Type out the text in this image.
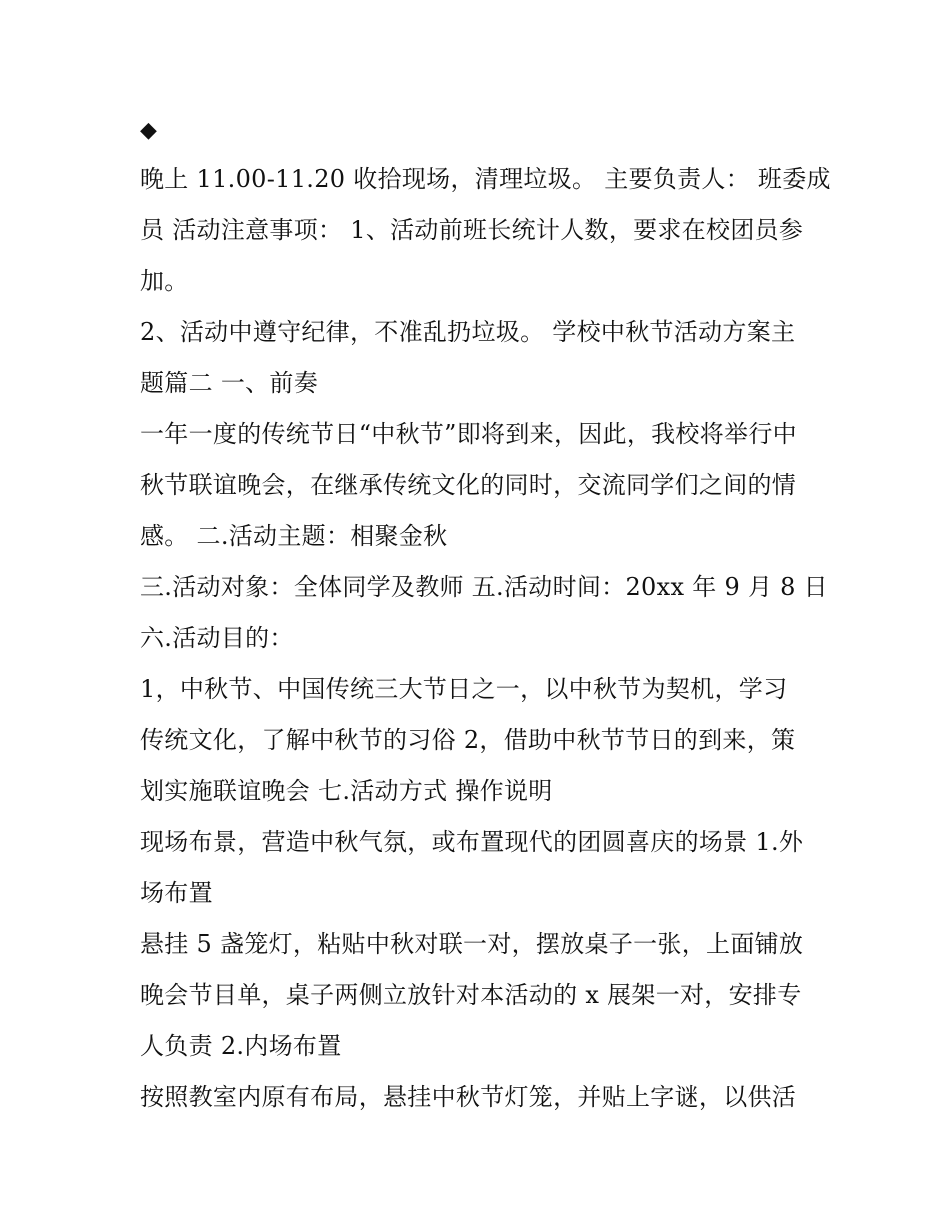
◆
晚上 11.00-11.20 收拾现场，清理垃圾。 主要负责人： 班委成
员 活动注意事项： 1、活动前班长统计人数，要求在校团员参
加。
2、活动中遵守纪律，不准乱扔垃圾。 学校中秋节活动方案主
题篇二 一、前奏
一年一度的传统节日“中秋节”即将到来，因此，我校将举行中
秋节联谊晚会，在继承传统文化的同时，交流同学们之间的情
感。 二.活动主题：相聚金秋
三.活动对象：全体同学及教师 五.活动时间：20xx 年 9 月 8 日
六.活动目的：
1，中秋节、中国传统三大节日之一，以中秋节为契机，学习
传统文化，了解中秋节的习俗 2，借助中秋节节日的到来，策
划实施联谊晚会 七.活动方式 操作说明
现场布景，营造中秋气氛，或布置现代的团圆喜庆的场景 1.外
场布置
悬挂 5 盏笼灯，粘贴中秋对联一对，摆放桌子一张，上面铺放
晚会节目单，桌子两侧立放针对本活动的 x 展架一对，安排专
人负责 2.内场布置
按照教室内原有布局，悬挂中秋节灯笼，并贴上字谜，以供活
